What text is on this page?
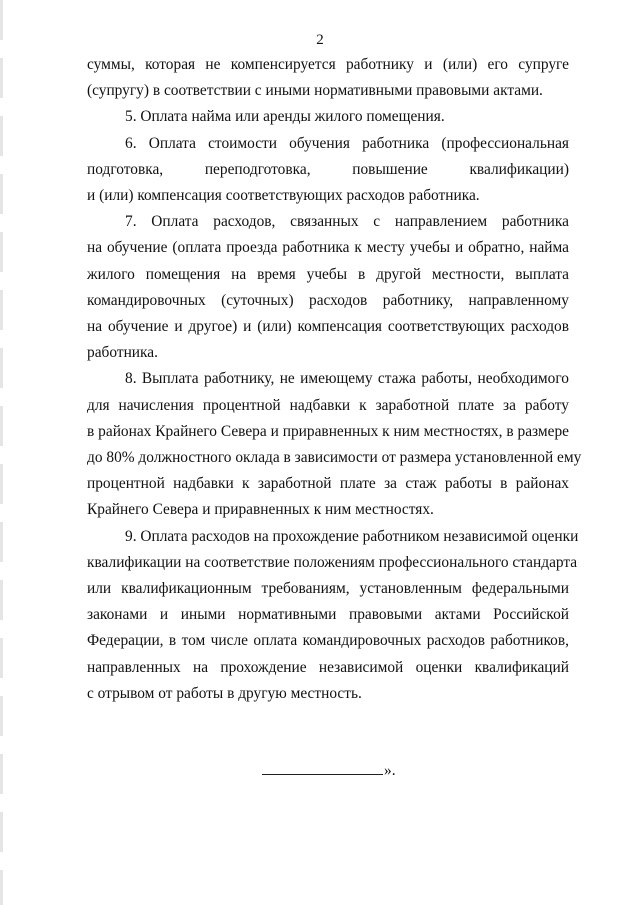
2

суммы, которая не компенсируется работнику и (или) его супруге
(супругу) в соответствии с иными нормативными правовыми актами.

5. Оплата найма или аренды жилого помещения.

6. Оплата стоимости обучения работника (профессиональная
подготовка, переподготовка, повышение квалификации)
и (или) компенсация соответствующих расходов работника.

7. Оплата расходов, связанных с направлением работника
на обучение (оплата проезда работника к месту учебы и обратно, найма
жилого помещения на время учебы в другой местности, выплата
командировочных (суточных) расходов работнику, направленному
на обучение и другое) и (или) компенсация соответствующих расходов
работника.

8. Выплата работнику, не имеющему стажа работы, необходимого
для начисления процентной надбавки к заработной плате за работу
в районах Крайнего Севера и приравненных к ним местностях, в размере
до 80% должностного оклада в зависимости от размера установленной ему
процентной надбавки к заработной плате за стаж работы в районах
Крайнего Севера и приравненных к ним местностях.

9. Оплата расходов на прохождение работником независимой оценки
квалификации на соответствие положениям профессионального стандарта
или квалификационным требованиям, установленным федеральными
законами и иными нормативными правовыми актами Российской
Федерации, в том числе оплата командировочных расходов работников,
направленных на прохождение независимой оценки квалификаций
с отрывом от работы в другую местность.

».
